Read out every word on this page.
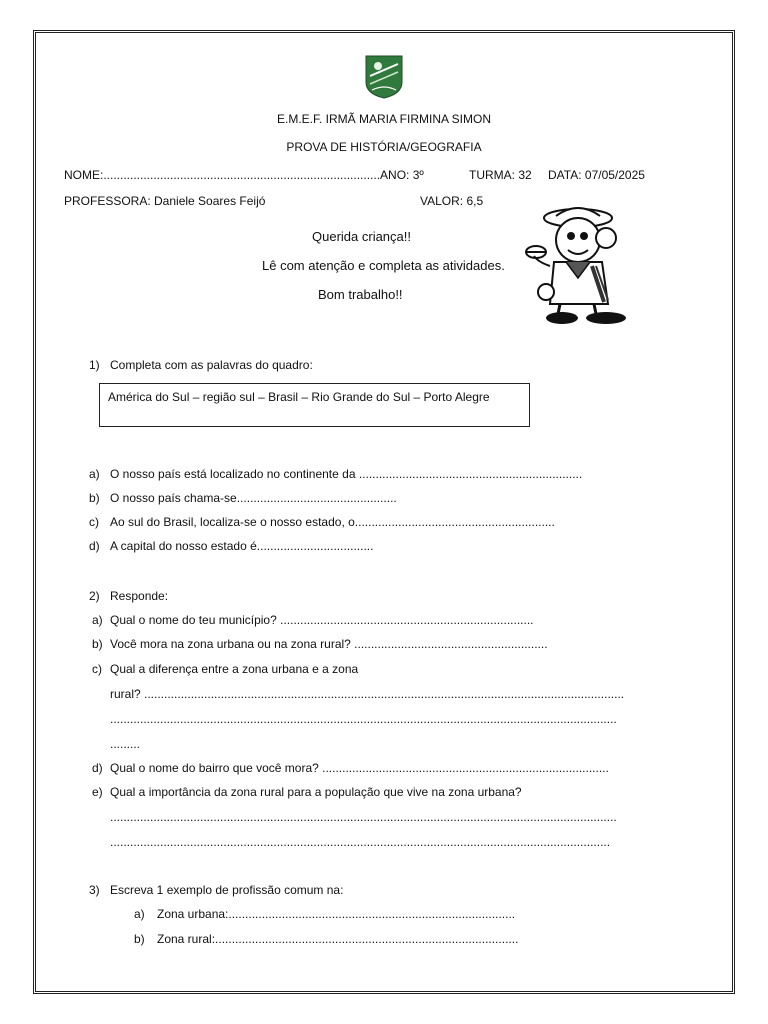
E.M.E.F. IRMÃ MARIA FIRMINA SIMON
PROVA DE HISTÓRIA/GEOGRAFIA
NOME:...................................................................................ANO: 3º	TURMA: 32 DATA: 07/05/2025
PROFESSORA: Daniele Soares Feijó	VALOR: 6,5
Querida criança!!
Lê com atenção e completa as atividades.
Bom trabalho!!
1) Completa com as palavras do quadro:
América do Sul – região sul – Brasil – Rio Grande do Sul – Porto Alegre
a) O nosso país está localizado no continente da ...................................................................
b) O nosso país chama-se................................................
c) Ao sul do Brasil, localiza-se o nosso estado, o............................................................
d) A capital do nosso estado é...................................
2) Responde:
a) Qual o nome do teu município? ............................................................................
b) Você mora na zona urbana ou na zona rural? ..........................................................
c) Qual a diferença entre a zona urbana e a zona
rural? ................................................................................................................................................
........................................................................................................................................................
.........
d) Qual o nome do bairro que você mora? ......................................................................................
e) Qual a importância da zona rural para a população que vive na zona urbana?
........................................................................................................................................................
......................................................................................................................................................
3) Escreva 1 exemplo de profissão comum na:
a) Zona urbana:......................................................................................
b) Zona rural:...........................................................................................
